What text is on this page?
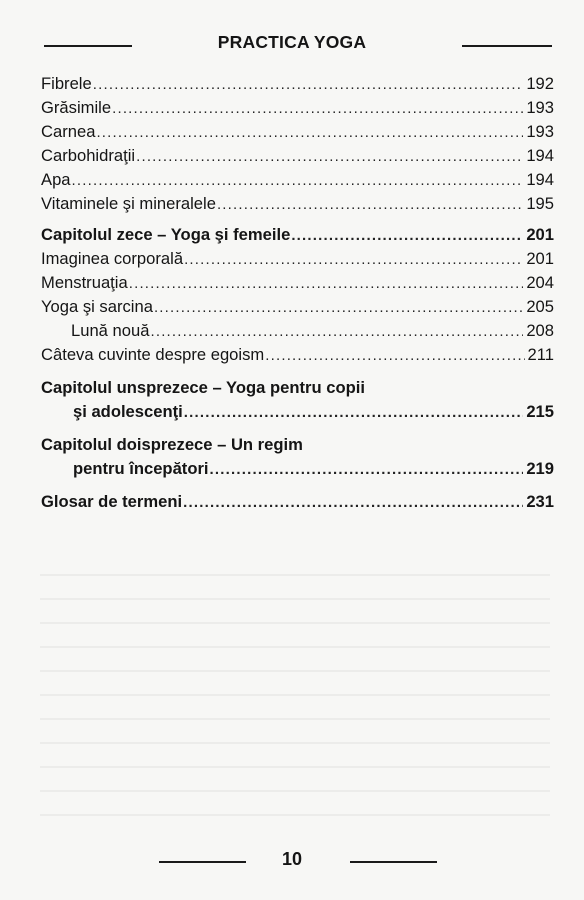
PRACTICA YOGA
Fibrele .....	192
Grăsimile .....	193
Carnea .....	193
Carbohidraţii .....	194
Apa .....	194
Vitaminele şi mineralele .....	195
Capitolul zece – Yoga şi femeile .....	201
Imaginea corporală .....	201
Menstruaţia .....	204
Yoga şi sarcina .....	205
Lună nouă .....	208
Câteva cuvinte despre egoism .....	211
Capitolul unsprezece – Yoga pentru copii
şi adolescenţi .....	215
Capitolul doisprezece – Un regim
pentru începători .....	219
Glosar de termeni .....	231
10
